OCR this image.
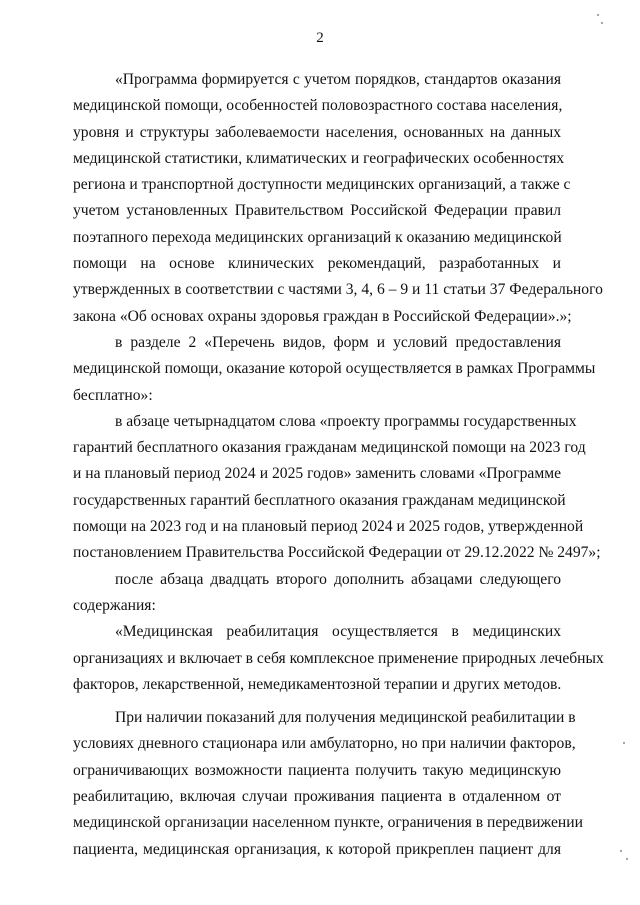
2
«Программа формируется с учетом порядков, стандартов оказания
медицинской помощи, особенностей половозрастного состава населения,
уровня и структуры заболеваемости населения, основанных на данных
медицинской статистики, климатических и географических особенностях
региона и транспортной доступности медицинских организаций, а также с
учетом установленных Правительством Российской Федерации правил
поэтапного перехода медицинских организаций к оказанию медицинской
помощи на основе клинических рекомендаций, разработанных и
утвержденных в соответствии с частями 3, 4, 6 – 9 и 11 статьи 37 Федерального
закона «Об основах охраны здоровья граждан в Российской Федерации».»;
в разделе 2 «Перечень видов, форм и условий предоставления
медицинской помощи, оказание которой осуществляется в рамках Программы
бесплатно»:
в абзаце четырнадцатом слова «проекту программы государственных
гарантий бесплатного оказания гражданам медицинской помощи на 2023 год
и на плановый период 2024 и 2025 годов» заменить словами «Программе
государственных гарантий бесплатного оказания гражданам медицинской
помощи на 2023 год и на плановый период 2024 и 2025 годов, утвержденной
постановлением Правительства Российской Федерации от 29.12.2022 № 2497»;
после абзаца двадцать второго дополнить абзацами следующего
содержания:
«Медицинская реабилитация осуществляется в медицинских
организациях и включает в себя комплексное применение природных лечебных
факторов, лекарственной, немедикаментозной терапии и других методов.
При наличии показаний для получения медицинской реабилитации в
условиях дневного стационара или амбулаторно, но при наличии факторов,
ограничивающих возможности пациента получить такую медицинскую
реабилитацию, включая случаи проживания пациента в отдаленном от
медицинской организации населенном пункте, ограничения в передвижении
пациента, медицинская организация, к которой прикреплен пациент для
